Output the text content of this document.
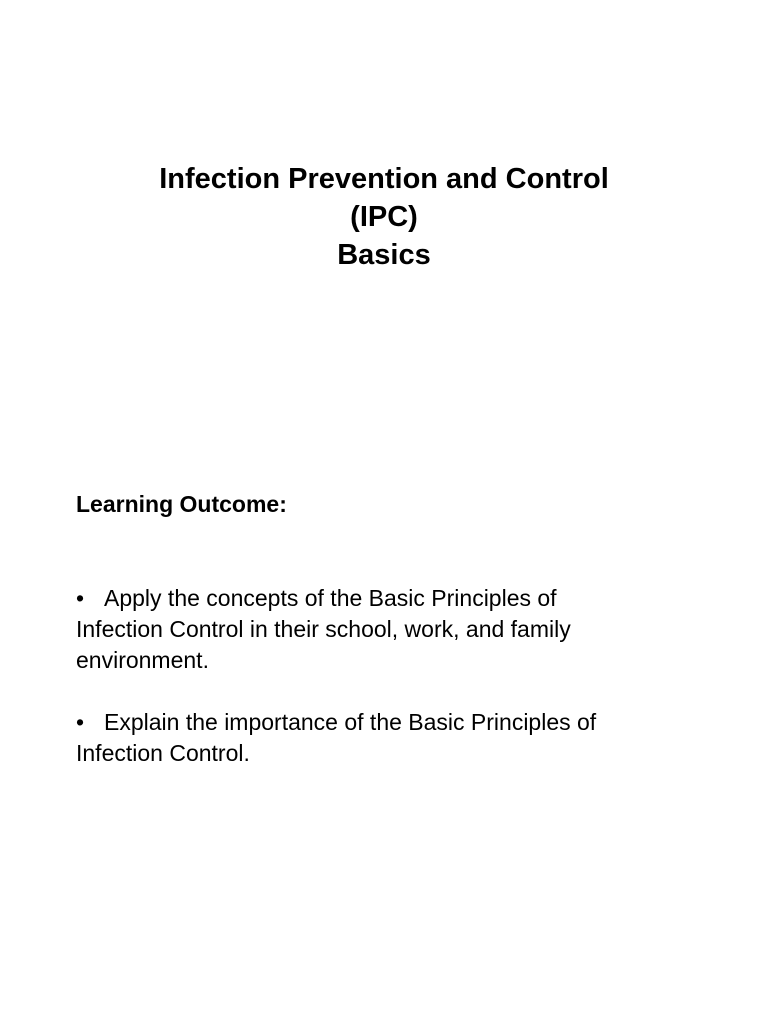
Infection Prevention and Control
(IPC)
Basics
Learning Outcome:
• Apply the concepts of the Basic Principles of Infection Control in their school, work, and family environment.
• Explain the importance of the Basic Principles of Infection Control.
